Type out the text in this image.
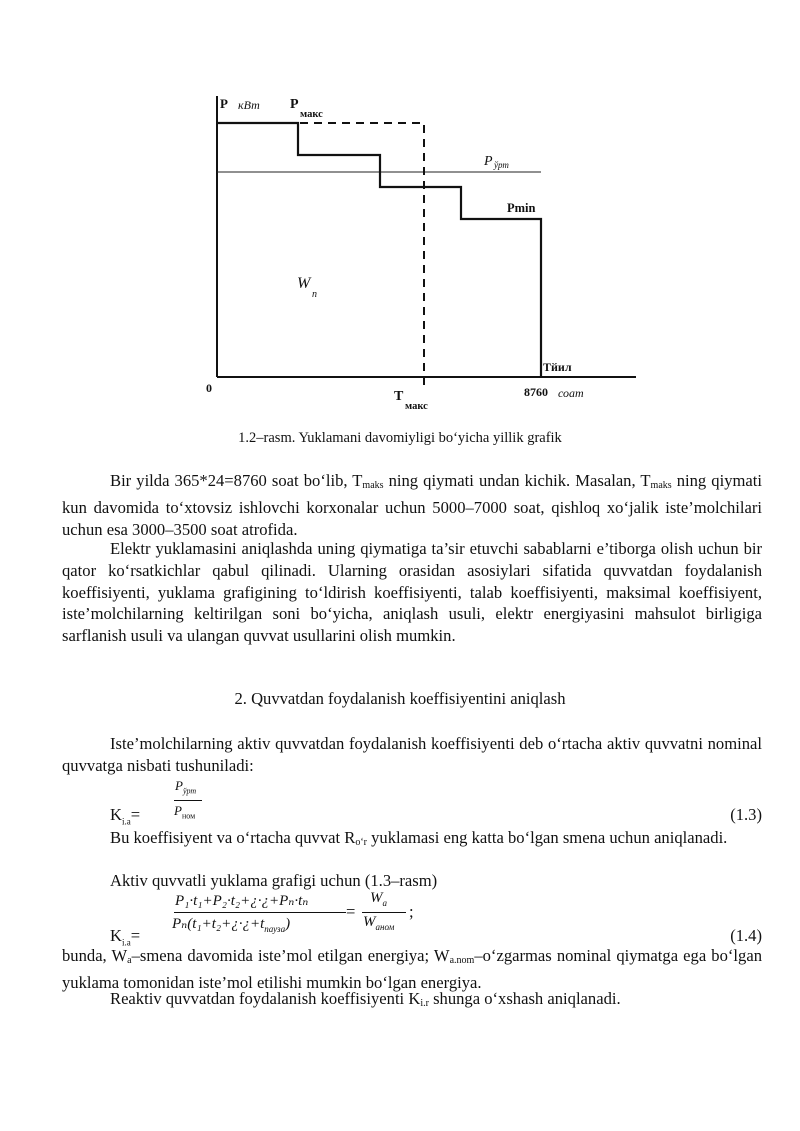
P кВт P
макс
P ўрт
Pmin
W
п
0
T
макс
Tйил
8760 соат
1.2–rasm. Yuklamani davomiyligi bo‘yicha yillik grafik

Bir yilda 365*24=8760 soat bo‘lib, $T_{maks}$ ning qiymati undan kichik. Masalan, $T_{maks}$ ning qiymati kun davomida to‘xtovsiz ishlovchi korxonalar uchun 5000–7000 soat, qishloq xo‘jalik iste’molchilari uchun esa 3000–3500 soat atrofida.

Elektr yuklamasini aniqlashda uning qiymatiga ta’sir etuvchi sabablarni e’tiborga olish uchun bir qator ko‘rsatkichlar qabul qilinadi. Ularning orasidan asosiylari sifatida quvvatdan foydalanish koeffisiyenti, yuklama grafigining to‘ldirish koeffisiyenti, talab koeffisiyenti, maksimal koeffisiyent, iste’molchilarning keltirilgan soni bo‘yicha, aniqlash usuli, elektr energiyasini mahsulot birligiga sarflanish usuli va ulangan quvvat usullarini olish mumkin.

2. Quvvatdan foydalanish koeffisiyentini aniqlash

Iste’molchilarning aktiv quvvatdan foydalanish koeffisiyenti deb o‘rtacha aktiv quvvatni nominal quvvatga nisbati tushuniladi:

$K_{i.a}=$
$P_{ўрт}$
$P_{ном}$	(1.3)

Bu koeffisiyent va o‘rtacha quvvat $R_{o‘r}$ yuklamasi eng katta bo‘lgan smena uchun aniqlanadi.

Aktiv quvvatli yuklama grafigi uchun (1.3–rasm)

$K_{i.a}=$
P₁·t₁+P₂·t₂+¿·¿+Pₙ·tₙ
$P_n(t_1+t_2+¿\cdot¿+t_{пауза})$
=
$W_a$
$W_{aном}$
;
(1.4)

bunda, $W_a$–smena davomida iste’mol etilgan energiya; $W_{a.nom}-o‘zgarmas$ nominal qiymatga ega bo‘lgan yuklama tomonidan iste’mol etilishi mumkin bo‘lgan energiya.

Reaktiv quvvatdan foydalanish koeffisiyenti $K_{i.r}$ shunga o‘xshash aniqlanadi.
